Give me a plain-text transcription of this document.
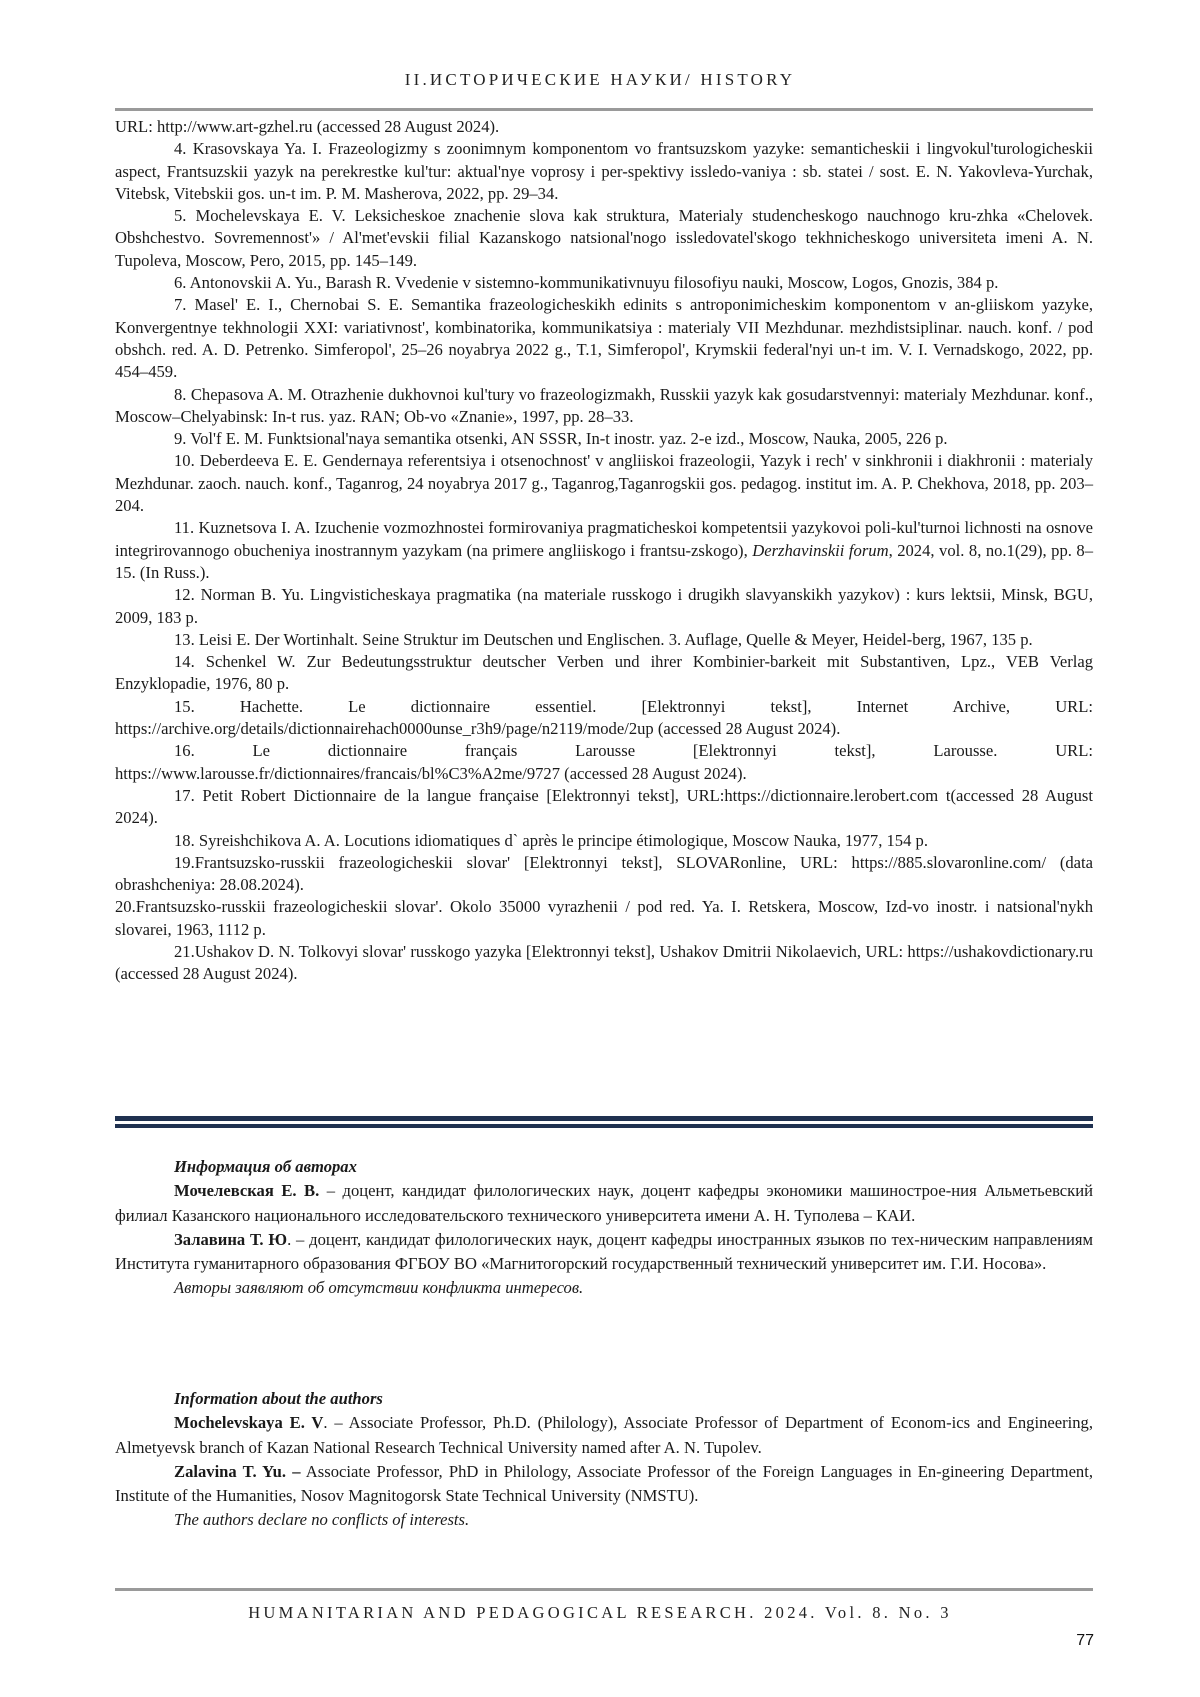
II.ИСТОРИЧЕСКИЕ НАУКИ/ HISTORY

URL: http://www.art-gzhel.ru (accessed 28 August 2024).

4. Krasovskaya Ya. I. Frazeologizmy s zoonimnym komponentom vo frantsuzskom yazyke: semanticheskii i lingvokul'turologicheskii aspect, Frantsuzskii yazyk na perekrestke kul'tur: aktual'nye voprosy i per-spektivy issledo-vaniya : sb. statei / sost. E. N. Yakovleva-Yurchak, Vitebsk, Vitebskii gos. un-t im. P. M. Masherova, 2022, pp. 29–34.

5. Mochelevskaya E. V. Leksicheskoe znachenie slova kak struktura, Materialy studencheskogo nauchnogo kru-zhka «Chelovek. Obshchestvo. Sovremennost'» / Al'met'evskii filial Kazanskogo natsional'nogo issledovatel'skogo tekhnicheskogo universiteta imeni A. N. Tupoleva, Moscow, Pero, 2015, pp. 145–149.

6. Antonovskii A. Yu., Barash R. Vvedenie v sistemno-kommunikativnuyu filosofiyu nauki, Moscow, Logos, Gnozis, 384 p.

7. Masel' E. I., Chernobai S. E. Semantika frazeologicheskikh edinits s antroponimicheskim komponentom v an-gliiskom yazyke, Konvergentnye tekhnologii XXI: variativnost', kombinatorika, kommunikatsiya : materialy VII Mezhdunar. mezhdistsiplinar. nauch. konf. / pod obshch. red. A. D. Petrenko. Simferopol', 25–26 noyabrya 2022 g., T.1, Simferopol', Krymskii federal'nyi un-t im. V. I. Vernadskogo, 2022, pp. 454–459.

8. Chepasova A. M. Otrazhenie dukhovnoi kul'tury vo frazeologizmakh, Russkii yazyk kak gosudarstvennyi: materialy Mezhdunar. konf., Moscow–Chelyabinsk: In-t rus. yaz. RAN; Ob-vo «Znanie», 1997, pp. 28–33.

9. Vol'f E. M. Funktsional'naya semantika otsenki, AN SSSR, In-t inostr. yaz. 2-e izd., Moscow, Nauka, 2005, 226 p.

10. Deberdeeva E. E. Gendernaya referentsiya i otsenochnost' v angliiskoi frazeologii, Yazyk i rech' v sinkhronii i diakhronii : materialy Mezhdunar. zaoch. nauch. konf., Taganrog, 24 noyabrya 2017 g., Taganrog,Taganrogskii gos. pedagog. institut im. A. P. Chekhova, 2018, pp. 203–204.

11. Kuznetsova I. A. Izuchenie vozmozhnostei formirovaniya pragmaticheskoi kompetentsii yazykovoi poli-kul'turnoi lichnosti na osnove integrirovannogo obucheniya inostrannym yazykam (na primere angliiskogo i frantsu-zskogo), Derzhavinskii forum, 2024, vol. 8, no.1(29), pp. 8–15. (In Russ.).

12. Norman B. Yu. Lingvisticheskaya pragmatika (na materiale russkogo i drugikh slavyanskikh yazykov) : kurs lektsii, Minsk, BGU, 2009, 183 p.

13. Leisi E. Der Wortinhalt. Seine Struktur im Deutschen und Englischen. 3. Auflage, Quelle & Meyer, Heidel-berg, 1967, 135 p.

14. Schenkel W. Zur Bedeutungsstruktur deutscher Verben und ihrer Kombinier-barkeit mit Substantiven, Lpz., VEB Verlag Enzyklopadie, 1976, 80 p.

15. Hachette. Le dictionnaire essentiel. [Elektronnyi tekst], Internet Archive, URL: https://archive.org/details/dictionnairehach0000unse_r3h9/page/n2119/mode/2up (accessed 28 August 2024).

16. Le dictionnaire français Larousse [Elektronnyi tekst], Larousse. URL: https://www.larousse.fr/dictionnaires/francais/bl%C3%A2me/9727 (accessed 28 August 2024).

17. Petit Robert Dictionnaire de la langue française [Elektronnyi tekst], URL:https://dictionnaire.lerobert.com t(accessed 28 August 2024).

18. Syreishchikova A. A. Locutions idiomatiques d` après le principe étimologique, Moscow Nauka, 1977, 154 p.

19.Frantsuzsko-russkii frazeologicheskii slovar' [Elektronnyi tekst], SLOVARonline, URL: https://885.slovaronline.com/ (data obrashcheniya: 28.08.2024).

20.Frantsuzsko-russkii frazeologicheskii slovar'. Okolo 35000 vyrazhenii / pod red. Ya. I. Retskera, Moscow, Izd-vo inostr. i natsional'nykh slovarei, 1963, 1112 p.

21.Ushakov D. N. Tolkovyi slovar' russkogo yazyka [Elektronnyi tekst], Ushakov Dmitrii Nikolaevich, URL: https://ushakovdictionary.ru (accessed 28 August 2024).

Информация об авторах

Мочелевская Е. В. – доцент, кандидат филологических наук, доцент кафедры экономики машинострое-ния Альметьевский филиал Казанского национального исследовательского технического университета имени А. Н. Туполева – КАИ.

Залавина Т. Ю. – доцент, кандидат филологических наук, доцент кафедры иностранных языков по тех-ническим направлениям Института гуманитарного образования ФГБОУ ВО «Магнитогорский государственный технический университет им. Г.И. Носова».

Авторы заявляют об отсутствии конфликта интересов.

Information about the authors

Mochelevskaya E. V. – Associate Professor, Ph.D. (Philology), Associate Professor of Department of Econom-ics and Engineering, Almetyevsk branch of Kazan National Research Technical University named after A. N. Tupolev.

Zalavina T. Yu. – Associate Professor, PhD in Philology, Associate Professor of the Foreign Languages in En-gineering Department, Institute of the Humanities, Nosov Magnitogorsk State Technical University (NMSTU).

The authors declare no conflicts of interests.

HUMANITARIAN AND PEDAGOGICAL RESEARCH. 2024. Vol. 8. No. 3
77
